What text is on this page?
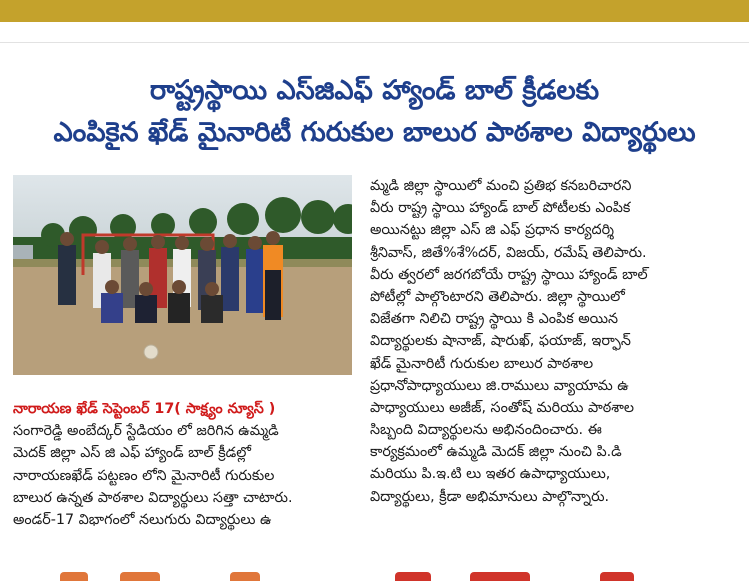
రాష్ట్రస్థాయి ఎస్‌జిఎఫ్ హ్యాండ్ బాల్ క్రీడలకు
ఎంపికైన ఖేడ్ మైనారిటీ గురుకుల బాలుర పాఠశాల విద్యార్థులు
నారాయణ ఖేడ్ సెప్టెంబర్ 17( సాక్ష్యం న్యూస్ )
సంగారెడ్డి అంబేద్కర్ స్టేడియం లో జరిగిన ఉమ్మడి
మెదక్ జిల్లా ఎస్ జి ఎఫ్ హ్యాండ్ బాల్ క్రీడల్లో
నారాయణఖేడ్ పట్టణం లోని మైనారిటీ గురుకుల
బాలుర ఉన్నత పాఠశాల విద్యార్థులు సత్తా చాటారు.
అండర్-17 విభాగంలో నలుగురు విద్యార్థులు ఉ
మ్మడి జిల్లా స్థాయిలో మంచి ప్రతిభ కనబరిచారని
వీరు రాష్ట్ర స్థాయి హ్యాండ్ బాల్ పోటీలకు ఎంపిక
అయినట్టు జిల్లా ఎస్ జి ఎఫ్ ప్రధాన కార్యదర్శి
శ్రీనివాస్, జితే%శే%దర్, విజయ్, రమేష్ తెలిపారు.
వీరు త్వరలో జరగబోయే రాష్ట్ర స్థాయి హ్యాండ్ బాల్
పోటీల్లో పాల్గొంటారని తెలిపారు. జిల్లా స్థాయిలో
విజేతగా నిలిచి రాష్ట్ర స్థాయి కి ఎంపిక అయిన
విద్యార్థులకు షానాజ్, షారుఖ్, ఫయాజ్, ఇర్ఫాన్
ఖేడ్ మైనారిటీ గురుకుల బాలుర పాఠశాల
ప్రధానోపాధ్యాయులు జి.రాములు వ్యాయామ ఉ
పాధ్యాయులు అజీజ్, సంతోష్ మరియు పాఠశాల
సిబ్బంది విద్యార్థులను అభినందించారు. ఈ
కార్యక్రమంలో ఉమ్మడి మెదక్ జిల్లా నుంచి పి.డి
మరియు పి.ఇ.టి లు ఇతర ఉపాధ్యాయులు,
విద్యార్థులు, క్రీడా అభిమానులు పాల్గొన్నారు.
